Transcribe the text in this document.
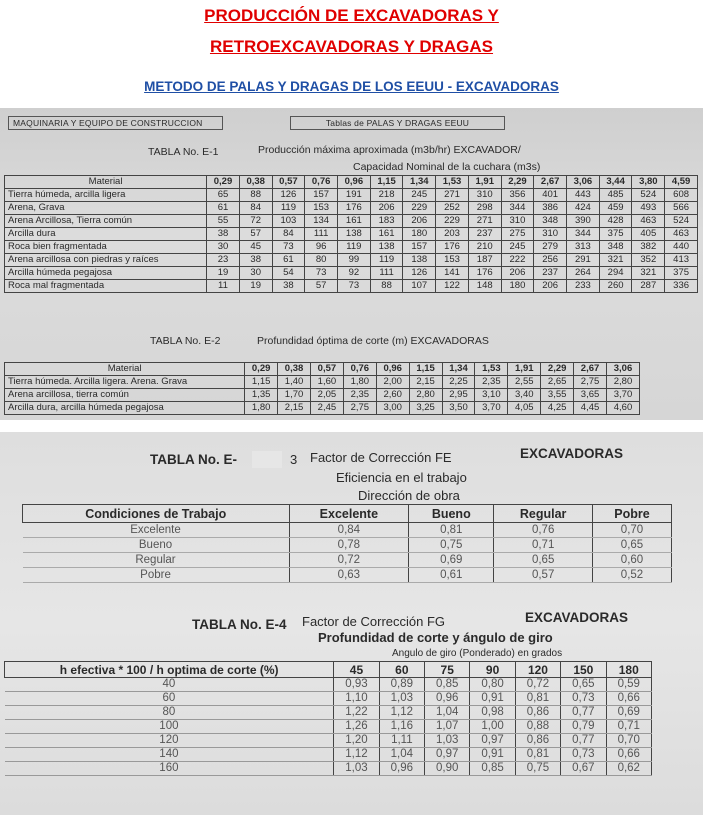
PRODUCCIÓN DE EXCAVADORAS Y
RETROEXCAVADORAS Y DRAGAS
METODO DE PALAS Y DRAGAS DE LOS EEUU - EXCAVADORAS
MAQUINARIA Y EQUIPO DE CONSTRUCCION	Tablas de PALAS Y DRAGAS EEUU
TABLA No. E-1	Producción máxima aproximada (m3b/hr) EXCAVADOR/
Capacidad Nominal de la cuchara (m3s)
Material	0,29	0,38	0,57	0,76	0,96	1,15	1,34	1,53	1,91	2,29	2,67	3,06	3,44	3,80	4,59
Tierra húmeda, arcilla ligera	65	88	126	157	191	218	245	271	310	356	401	443	485	524	608
Arena, Grava	61	84	119	153	176	206	229	252	298	344	386	424	459	493	566
Arena Arcillosa, Tierra común	55	72	103	134	161	183	206	229	271	310	348	390	428	463	524
Arcilla dura	38	57	84	111	138	161	180	203	237	275	310	344	375	405	463
Roca bien fragmentada	30	45	73	96	119	138	157	176	210	245	279	313	348	382	440
Arena arcillosa con piedras y raíces	23	38	61	80	99	119	138	153	187	222	256	291	321	352	413
Arcilla húmeda pegajosa	19	30	54	73	92	111	126	141	176	206	237	264	294	321	375
Roca mal fragmentada	11	19	38	57	73	88	107	122	148	180	206	233	260	287	336
TABLA No. E-2	Profundidad óptima de corte (m) EXCAVADORAS
Material	0,29	0,38	0,57	0,76	0,96	1,15	1,34	1,53	1,91	2,29	2,67	3,06
Tierra húmeda. Arcilla ligera. Arena. Grava	1,15	1,40	1,60	1,80	2,00	2,15	2,25	2,35	2,55	2,65	2,75	2,80
Arena arcillosa, tierra común	1,35	1,70	2,05	2,35	2,60	2,80	2,95	3,10	3,40	3,55	3,65	3,70
Arcilla dura, arcilla húmeda pegajosa	1,80	2,15	2,45	2,75	3,00	3,25	3,50	3,70	4,05	4,25	4,45	4,60
TABLA No. E-	3 Factor de Corrección FE	EXCAVADORAS
Eficiencia en el trabajo
Dirección de obra
Condiciones de Trabajo	Excelente	Bueno	Regular	Pobre
Excelente	0,84	0,81	0,76	0,70
Bueno	0,78	0,75	0,71	0,65
Regular	0,72	0,69	0,65	0,60
Pobre	0,63	0,61	0,57	0,52
TABLA No. E-4 Factor de Corrección FG	EXCAVADORAS
Profundidad de corte y ángulo de giro
Angulo de giro (Ponderado) en grados
h efectiva * 100 / h optima de corte (%)	45	60	75	90	120	150	180
40	0,93	0,89	0,85	0,80	0,72	0,65	0,59
60	1,10	1,03	0,96	0,91	0,81	0,73	0,66
80	1,22	1,12	1,04	0,98	0,86	0,77	0,69
100	1,26	1,16	1,07	1,00	0,88	0,79	0,71
120	1,20	1,11	1,03	0,97	0,86	0,77	0,70
140	1,12	1,04	0,97	0,91	0,81	0,73	0,66
160	1,03	0,96	0,90	0,85	0,75	0,67	0,62
